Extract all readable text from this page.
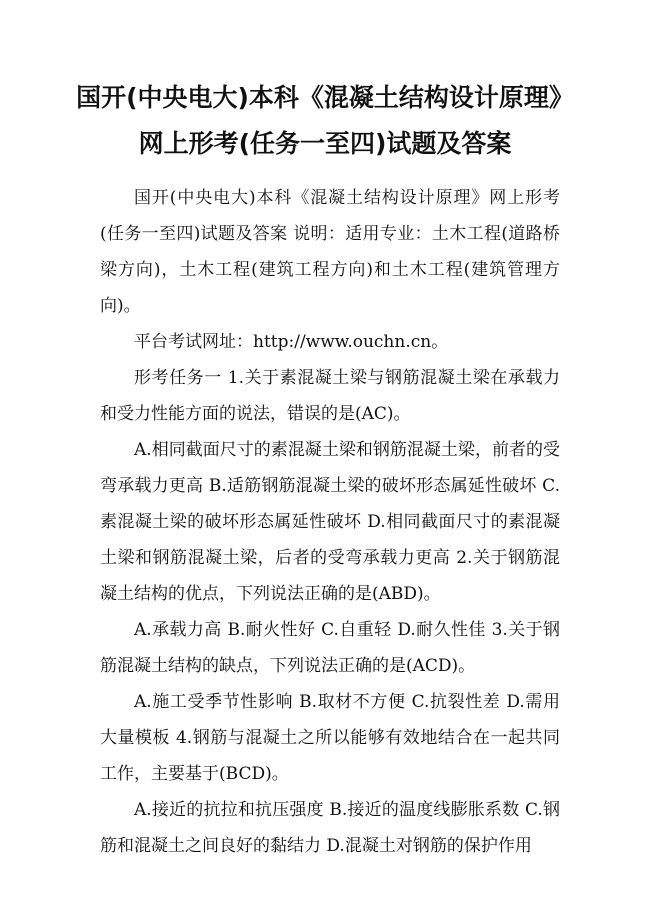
国开(中央电大)本科《混凝土结构设计原理》
网上形考(任务一至四)试题及答案

国开(中央电大)本科《混凝土结构设计原理》网上形考(任务一至四)试题及答案 说明：适用专业：土木工程(道路桥梁方向)，土木工程(建筑工程方向)和土木工程(建筑管理方向)。

平台考试网址：http://www.ouchn.cn。

形考任务一 1.关于素混凝土梁与钢筋混凝土梁在承载力和受力性能方面的说法，错误的是(AC)。

A.相同截面尺寸的素混凝土梁和钢筋混凝土梁，前者的受弯承载力更高 B.适筋钢筋混凝土梁的破坏形态属延性破坏 C.素混凝土梁的破坏形态属延性破坏 D.相同截面尺寸的素混凝土梁和钢筋混凝土梁，后者的受弯承载力更高 2.关于钢筋混凝土结构的优点，下列说法正确的是(ABD)。

A.承载力高 B.耐火性好 C.自重轻 D.耐久性佳 3.关于钢筋混凝土结构的缺点，下列说法正确的是(ACD)。

A.施工受季节性影响 B.取材不方便 C.抗裂性差 D.需用大量模板 4.钢筋与混凝土之所以能够有效地结合在一起共同工作，主要基于(BCD)。

A.接近的抗拉和抗压强度 B.接近的温度线膨胀系数 C.钢筋和混凝土之间良好的黏结力 D.混凝土对钢筋的保护作用
